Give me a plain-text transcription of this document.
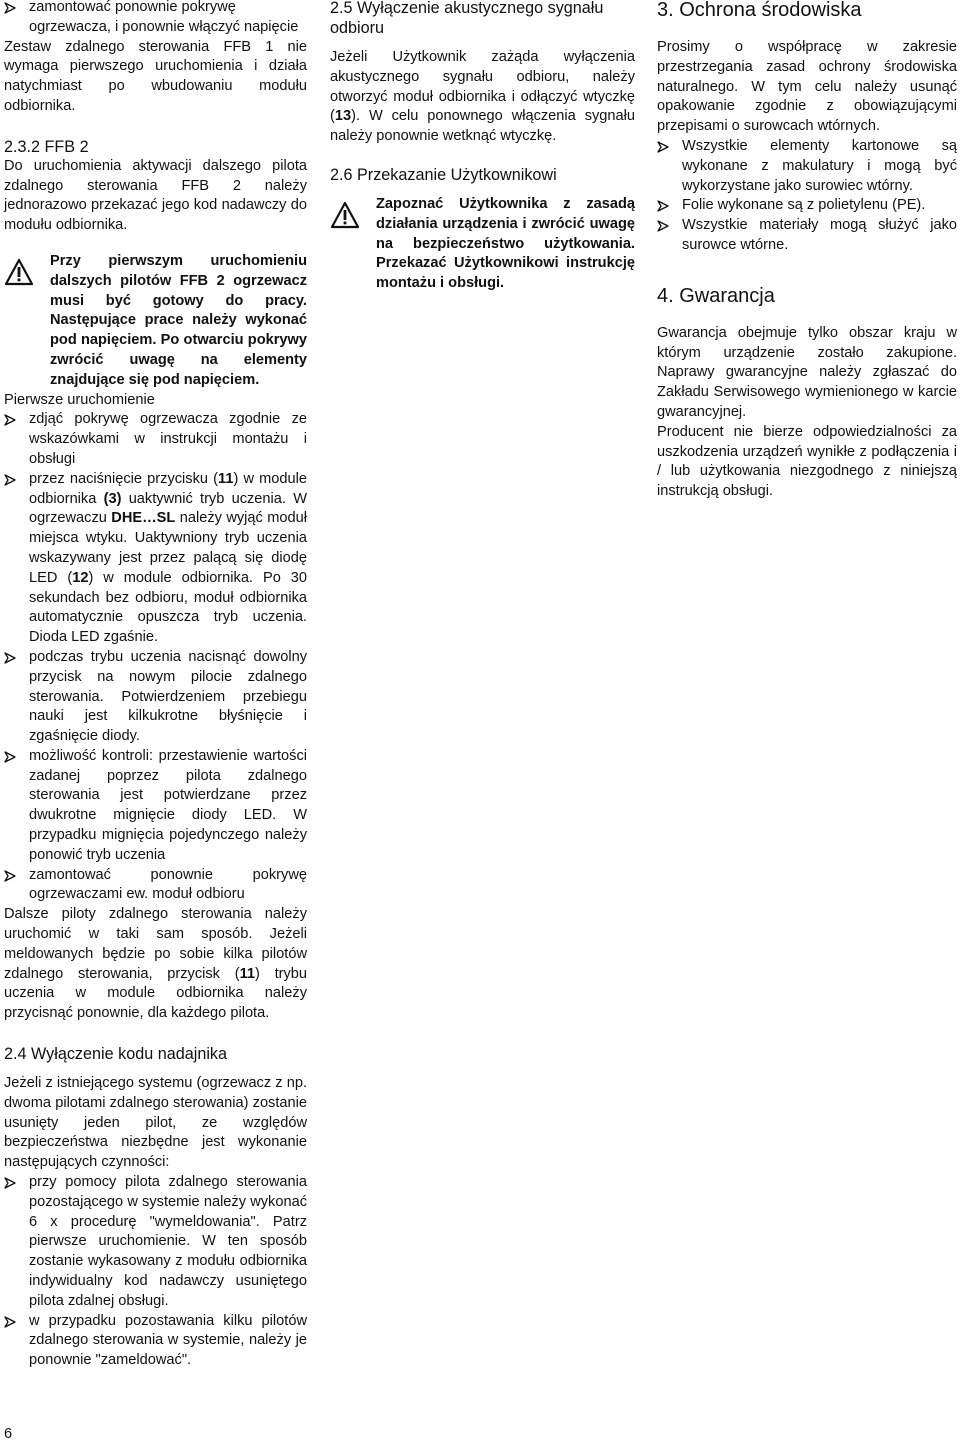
zamontować ponownie pokrywę ogrzewacza, i ponownie włączyć napięcie

Zestaw zdalnego sterowania FFB 1 nie wymaga pierwszego uruchomienia i działa natychmiast po wbudowaniu modułu odbiornika.

2.3.2 FFB 2

Do uruchomienia aktywacji dalszego pilota zdalnego sterowania FFB 2 należy jednorazowo przekazać jego kod nadawczy do modułu odbiornika.

Przy pierwszym uruchomieniu dalszych pilotów FFB 2 ogrzewacz musi być gotowy do pracy. Następujące prace należy wykonać pod napięciem. Po otwarciu pokrywy zwrócić uwagę na elementy znajdujące się pod napięciem.

Pierwsze uruchomienie

zdjąć pokrywę ogrzewacza zgodnie ze wskazówkami w instrukcji montażu i obsługi
przez naciśnięcie przycisku (11) w module odbiornika (3) uaktywnić tryb uczenia. W ogrzewaczu DHE…SL należy wyjąć moduł miejsca wtyku. Uaktywniony tryb uczenia wskazywany jest przez palącą się diodę LED (12) w module odbiornika. Po 30 sekundach bez odbioru, moduł odbiornika automatycznie opuszcza tryb uczenia. Dioda LED zgaśnie.
podczas trybu uczenia nacisnąć dowolny przycisk na nowym pilocie zdalnego sterowania. Potwierdzeniem przebiegu nauki jest kilkukrotne błyśnięcie i zgaśnięcie diody.
możliwość kontroli: przestawienie wartości zadanej poprzez pilota zdalnego sterowania jest potwierdzane przez dwukrotne mignięcie diody LED. W przypadku mignięcia pojedynczego należy ponowić tryb uczenia
zamontować ponownie pokrywę ogrzewaczami ew. moduł odbioru

Dalsze piloty zdalnego sterowania należy uruchomić w taki sam sposób. Jeżeli meldowanych będzie po sobie kilka pilotów zdalnego sterowania, przycisk (11) trybu uczenia w module odbiornika należy przycisnąć ponownie, dla każdego pilota.

2.4 Wyłączenie kodu nadajnika

Jeżeli z istniejącego systemu (ogrzewacz z np. dwoma pilotami zdalnego sterowania) zostanie usunięty jeden pilot, ze względów bezpieczeństwa niezbędne jest wykonanie następujących czynności:

przy pomocy pilota zdalnego sterowania pozostającego w systemie należy wykonać 6 x procedurę "wymeldowania". Patrz pierwsze uruchomienie. W ten sposób zostanie wykasowany z modułu odbiornika indywidualny kod nadawczy usuniętego pilota zdalnej obsługi.
w przypadku pozostawania kilku pilotów zdalnego sterowania w systemie, należy je ponownie "zameldować".
2.5 Wyłączenie akustycznego sygnału odbioru

Jeżeli Użytkownik zażąda wyłączenia akustycznego sygnału odbioru, należy otworzyć moduł odbiornika i odłączyć wtyczkę (13). W celu ponownego włączenia sygnału należy ponownie wetknąć wtyczkę.

2.6 Przekazanie Użytkownikowi

Zapoznać Użytkownika z zasadą działania urządzenia i zwrócić uwagę na bezpieczeństwo użytkowania. Przekazać Użytkownikowi instrukcję montażu i obsługi.

3. Ochrona środowiska

Prosimy o współpracę w zakresie przestrzegania zasad ochrony środowiska naturalnego. W tym celu należy usunąć opakowanie zgodnie z obowiązującymi przepisami o surowcach wtórnych.

Wszystkie elementy kartonowe są wykonane z makulatury i mogą być wykorzystane jako surowiec wtórny.
Folie wykonane są z polietylenu (PE).
Wszystkie materiały mogą służyć jako surowce wtórne.
4. Gwarancja

Gwarancja obejmuje tylko obszar kraju w którym urządzenie zostało zakupione. Naprawy gwarancyjne należy zgłaszać do Zakładu Serwisowego wymienionego w karcie gwarancyjnej.

Producent nie bierze odpowiedzialności za uszkodzenia urządzeń wynikłe z podłączenia i / lub użytkowania niezgodnego z niniejszą instrukcją obsługi.

6
